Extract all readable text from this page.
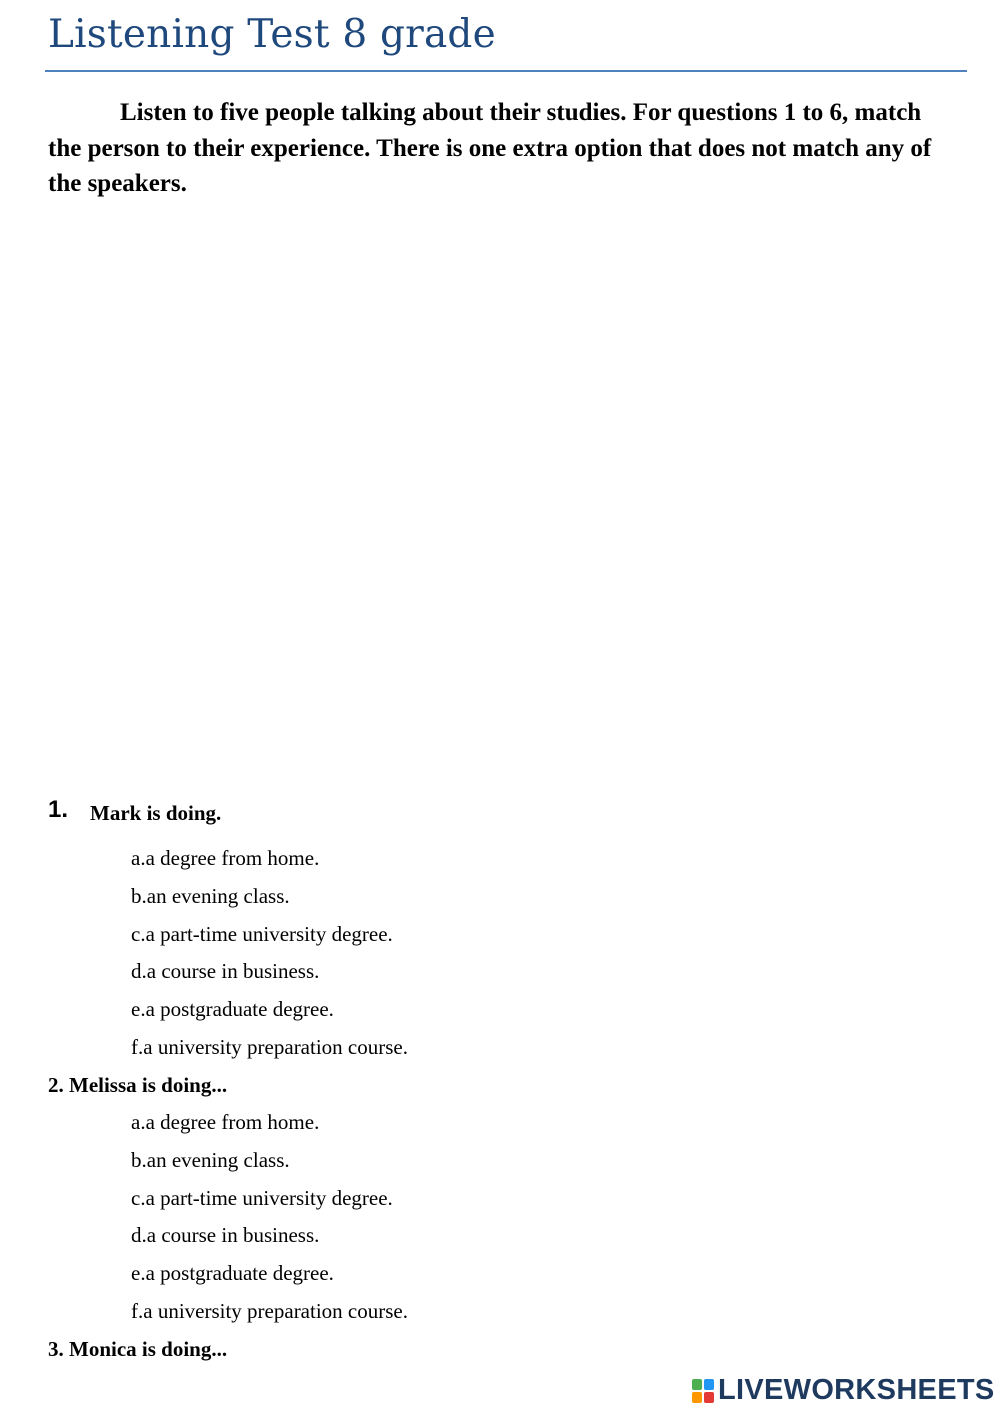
Listening Test 8 grade

Listen to five people talking about their studies. For questions 1 to 6, match the person to their experience. There is one extra option that does not match any of the speakers.

1. Mark is doing.
a.a degree from home.
b.an evening class.
c.a part-time university degree.
d.a course in business.
e.a postgraduate degree.
f.a university preparation course.
2. Melissa is doing...
a.a degree from home.
b.an evening class.
c.a part-time university degree.
d.a course in business.
e.a postgraduate degree.
f.a university preparation course.
3. Monica is doing...
LIVEWORKSHEETS
